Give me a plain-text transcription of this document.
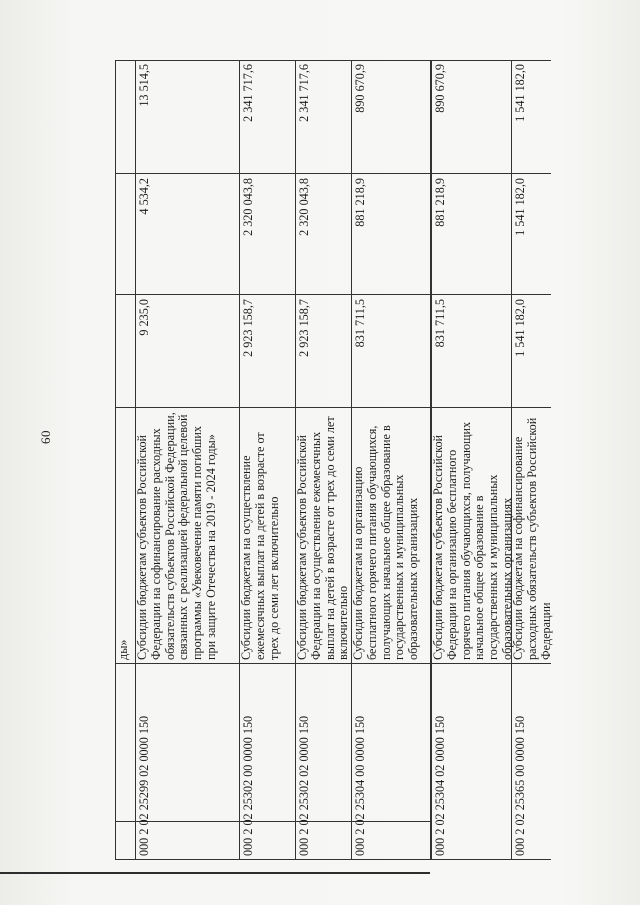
60
ды»
000 2 02 25299 02 0000 150
Субсидии бюджетам субъектов Российской Федерации на софинансирование расходных обязательств субъектов Российской Федерации, связанных с реализацией федеральной целевой программы «Увековечение памяти погибших при защите Отечества на 2019 - 2024 годы»
9 235,0
4 534,2
13 514,5
000 2 02 25302 00 0000 150
Субсидии бюджетам на осуществление ежемесячных выплат на детей в возрасте от трех до семи лет включительно
2 923 158,7
2 320 043,8
2 341 717,6
000 2 02 25302 02 0000 150
Субсидии бюджетам субъектов Российской Федерации на осуществление ежемесячных выплат на детей в возрасте от трех до семи лет включительно
2 923 158,7
2 320 043,8
2 341 717,6
000 2 02 25304 00 0000 150
Субсидии бюджетам на организацию бесплатного горячего питания обучающихся, получающих начальное общее образование в государственных и муниципальных образовательных организациях
831 711,5
881 218,9
890 670,9
000 2 02 25365 00 0000 150
Субсидии бюджетам на софинансирование расходных обязательств субъектов Российской Федерации
1 541 182,0
1 541 182,0
1 541 182,0
000 2 02 25304 02 0000 150
Субсидии бюджетам субъектов Российской Федерации на организацию бесплатного горячего питания обучающихся, получающих начальное общее образование в государственных и муниципальных образовательных организациях
831 711,5
881 218,9
890 670,9
